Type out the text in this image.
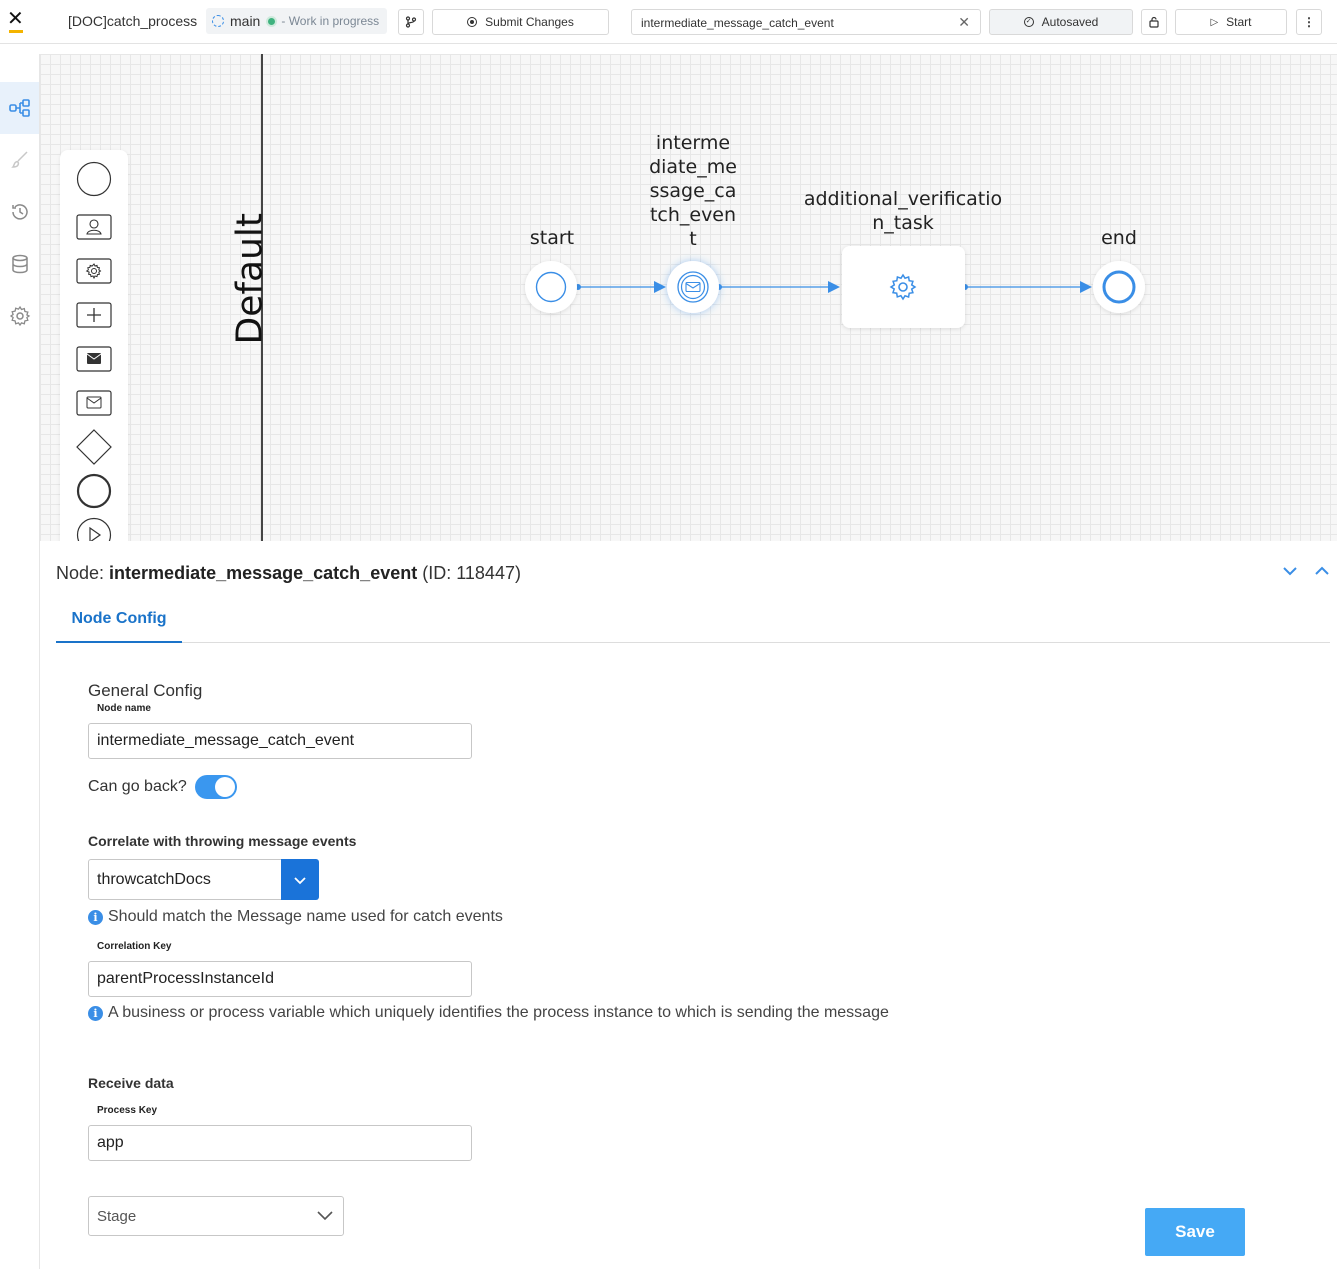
✕	[DOC]catch_process main - Work in progress	Submit Changes	intermediate_message_catch_event	✕	✓ Autosaved	▷ Start	⋮
Default	start
interme
diate_me
ssage_ca
tch_even
t
additional_verificatio
n_task
end
Node: intermediate_message_catch_event (ID: 118447)
Node Config
General Config
Node name
intermediate_message_catch_event
Can go back?
Correlate with throwing message events
throwcatchDocs
i Should match the Message name used for catch events
Correlation Key
parentProcessInstanceId
i A business or process variable which uniquely identifies the process instance to which is sending the message
Receive data
Process Key
app
Stage
Save
